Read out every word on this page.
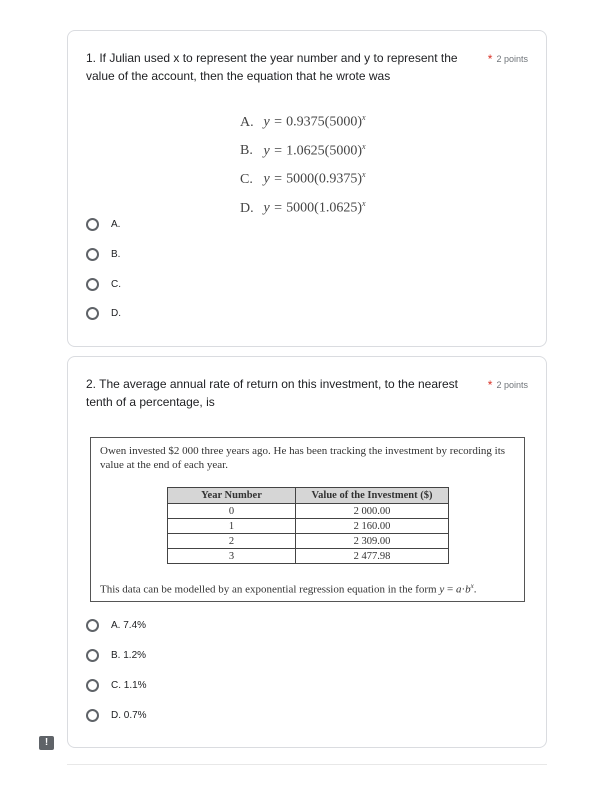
1. If Julian used x to represent the year number and y to represent the value of the account, then the equation that he wrote was
* 2 points
A. $y = 0.9375(5000)^x$
B. $y = 1.0625(5000)^x$
C. $y = 5000(0.9375)^x$
D. $y = 5000(1.0625)^x$
A.
B.
C.
D.
2. The average annual rate of return on this investment, to the nearest tenth of a percentage, is
* 2 points
Owen invested $2 000 three years ago. He has been tracking the investment by recording its value at the end of each year.
Year Number	Value of the Investment ($)
0	2 000.00
1	2 160.00
2	2 309.00
3	2 477.98
This data can be modelled by an exponential regression equation in the form $y = a\cdot b^x$.
A. 7.4%
B. 1.2%
C. 1.1%
D. 0.7%
!
